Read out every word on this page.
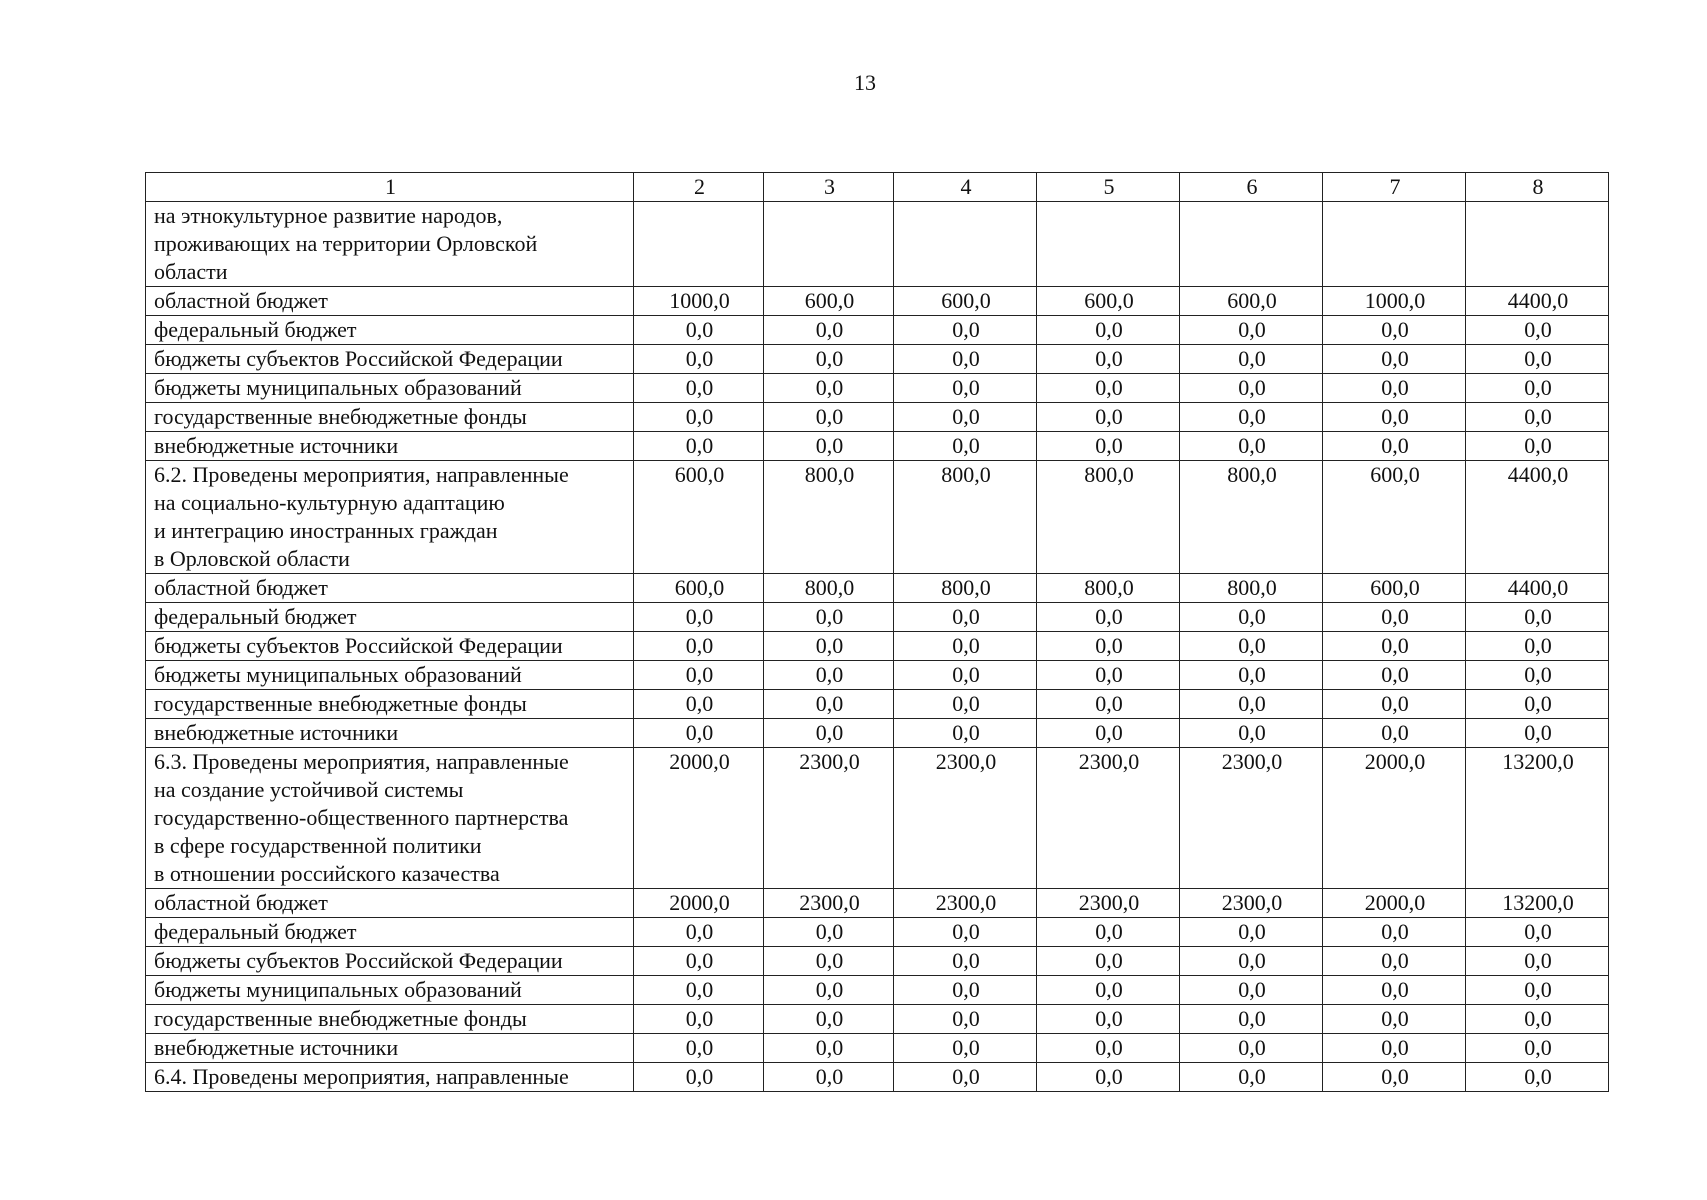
13
1	2	3	4	5	6	7	8

на этнокультурное развитие народов,
проживающих на территории Орловской
области							

областной бюджет	1000,0	600,0	600,0	600,0	600,0	1000,0	4400,0

федеральный бюджет	0,0	0,0	0,0	0,0	0,0	0,0	0,0

бюджеты субъектов Российской Федерации	0,0	0,0	0,0	0,0	0,0	0,0	0,0

бюджеты муниципальных образований	0,0	0,0	0,0	0,0	0,0	0,0	0,0

государственные внебюджетные фонды	0,0	0,0	0,0	0,0	0,0	0,0	0,0

внебюджетные источники	0,0	0,0	0,0	0,0	0,0	0,0	0,0

6.2. Проведены мероприятия, направленные
на социально-культурную адаптацию
и интеграцию иностранных граждан
в Орловской области	600,0	800,0	800,0	800,0	800,0	600,0	4400,0

областной бюджет	600,0	800,0	800,0	800,0	800,0	600,0	4400,0

федеральный бюджет	0,0	0,0	0,0	0,0	0,0	0,0	0,0

бюджеты субъектов Российской Федерации	0,0	0,0	0,0	0,0	0,0	0,0	0,0

бюджеты муниципальных образований	0,0	0,0	0,0	0,0	0,0	0,0	0,0

государственные внебюджетные фонды	0,0	0,0	0,0	0,0	0,0	0,0	0,0

внебюджетные источники	0,0	0,0	0,0	0,0	0,0	0,0	0,0

6.3. Проведены мероприятия, направленные
на создание устойчивой системы
государственно-общественного партнерства
в сфере государственной политики
в отношении российского казачества	2000,0	2300,0	2300,0	2300,0	2300,0	2000,0	13200,0

областной бюджет	2000,0	2300,0	2300,0	2300,0	2300,0	2000,0	13200,0

федеральный бюджет	0,0	0,0	0,0	0,0	0,0	0,0	0,0

бюджеты субъектов Российской Федерации	0,0	0,0	0,0	0,0	0,0	0,0	0,0

бюджеты муниципальных образований	0,0	0,0	0,0	0,0	0,0	0,0	0,0

государственные внебюджетные фонды	0,0	0,0	0,0	0,0	0,0	0,0	0,0

внебюджетные источники	0,0	0,0	0,0	0,0	0,0	0,0	0,0

6.4. Проведены мероприятия, направленные	0,0	0,0	0,0	0,0	0,0	0,0	0,0
